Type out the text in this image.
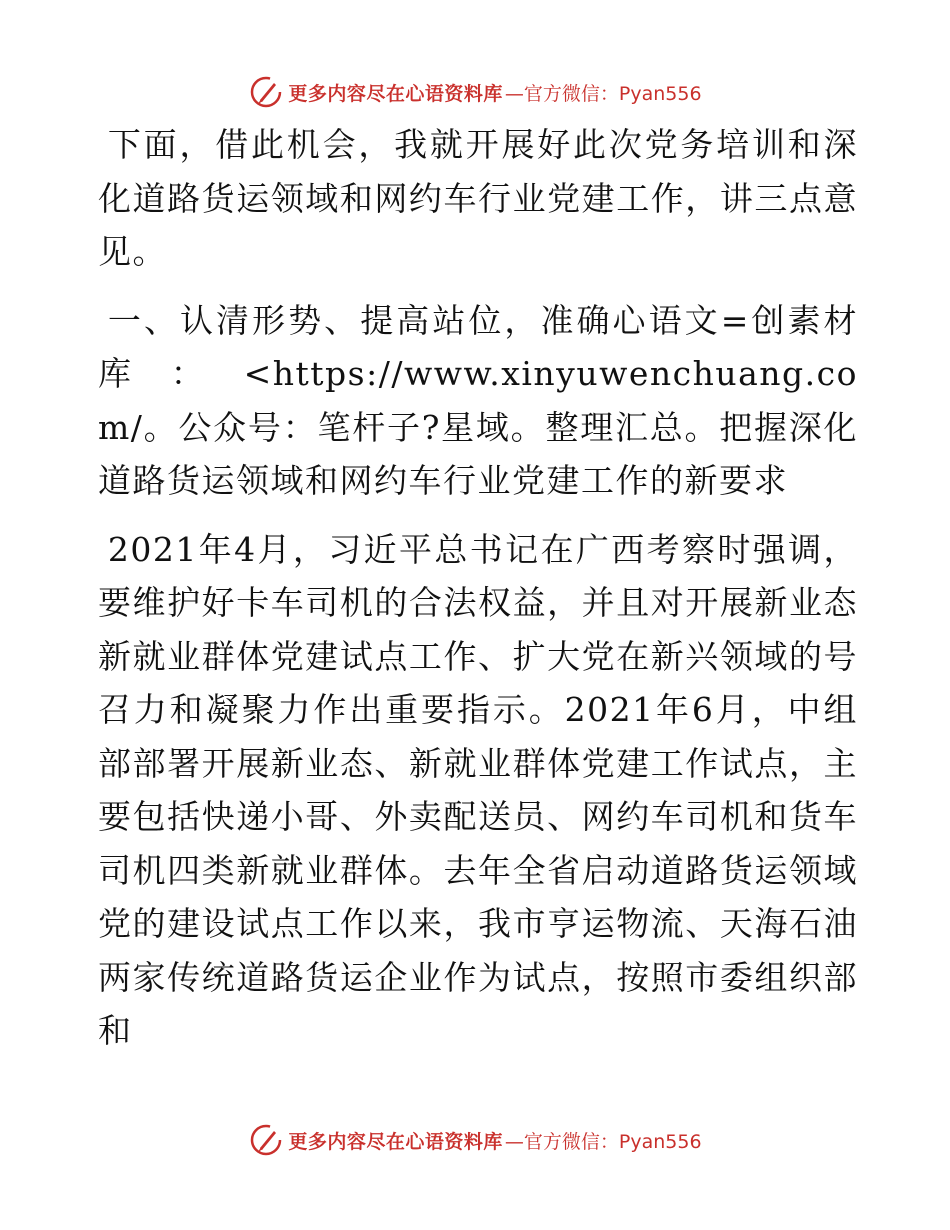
更多内容尽在心语资料库 —官方微信：Pyan556

下面，借此机会，我就开展好此次党务培训和深化道路货运领域和网约车行业党建工作，讲三点意见。

一、认清形势、提高站位，准确心语文=创素材库：<https://www.xinyuwenchuang.com/。公众号：笔杆子?星域。整理汇总。把握深化道路货运领域和网约车行业党建工作的新要求

2021年4月，习近平总书记在广西考察时强调，要维护好卡车司机的合法权益，并且对开展新业态新就业群体党建试点工作、扩大党在新兴领域的号召力和凝聚力作出重要指示。2021年6月，中组部部署开展新业态、新就业群体党建工作试点，主要包括快递小哥、外卖配送员、网约车司机和货车司机四类新就业群体。去年全省启动道路货运领域党的建设试点工作以来，我市亨运物流、天海石油两家传统道路货运企业作为试点，按照市委组织部和

更多内容尽在心语资料库 —官方微信：Pyan556
